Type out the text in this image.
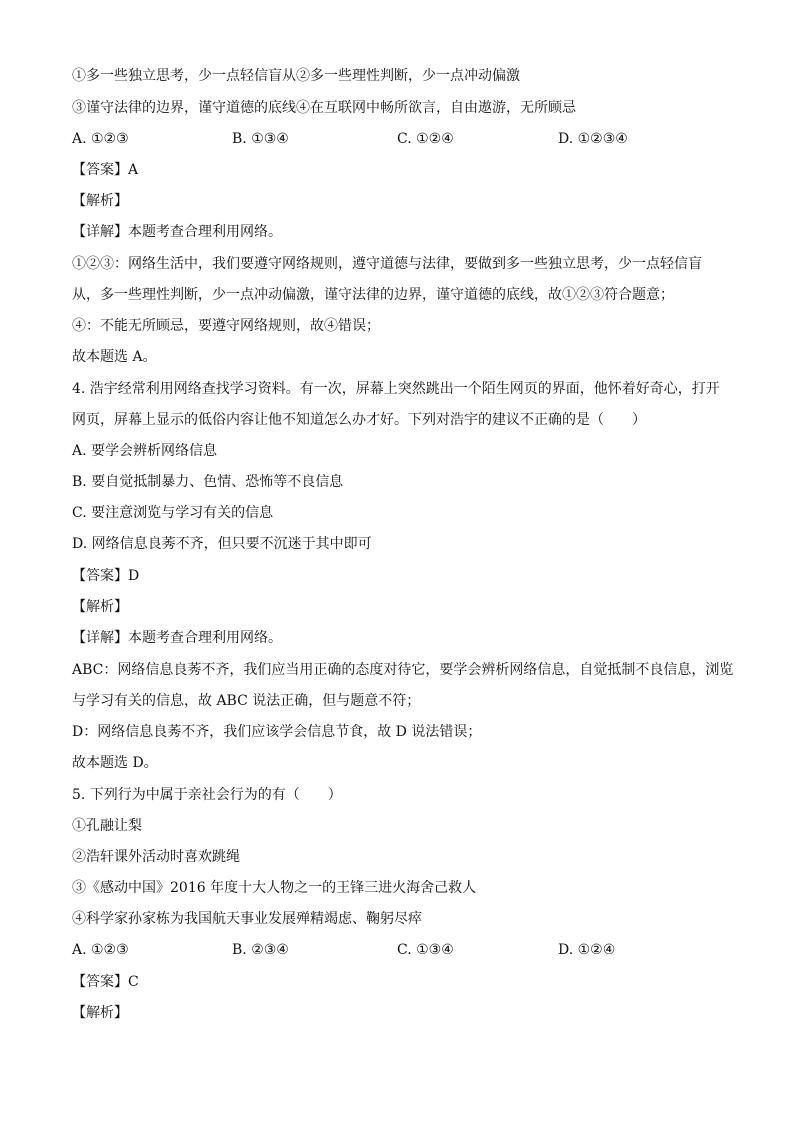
①多一些独立思考，少一点轻信盲从②多一些理性判断，少一点冲动偏激
③谨守法律的边界，谨守道德的底线④在互联网中畅所欲言，自由遨游，无所顾忌
A. ①②③	B. ①③④	C. ①②④	D. ①②③④
【答案】A
【解析】
【详解】本题考查合理利用网络。
①②③：网络生活中，我们要遵守网络规则，遵守道德与法律，要做到多一些独立思考，少一点轻信盲
从，多一些理性判断，少一点冲动偏激，谨守法律的边界，谨守道德的底线，故①②③符合题意；
④：不能无所顾忌，要遵守网络规则，故④错误；
故本题选 A。
4. 浩宇经常利用网络查找学习资料。有一次，屏幕上突然跳出一个陌生网页的界面，他怀着好奇心，打开
网页，屏幕上显示的低俗内容让他不知道怎么办才好。下列对浩宇的建议不正确的是（　　）
A. 要学会辨析网络信息
B. 要自觉抵制暴力、色情、恐怖等不良信息
C. 要注意浏览与学习有关的信息
D. 网络信息良莠不齐，但只要不沉迷于其中即可
【答案】D
【解析】
【详解】本题考查合理利用网络。
ABC：网络信息良莠不齐，我们应当用正确的态度对待它，要学会辨析网络信息，自觉抵制不良信息，浏览
与学习有关的信息，故 ABC 说法正确，但与题意不符；
D：网络信息良莠不齐，我们应该学会信息节食，故 D 说法错误；
故本题选 D。
5. 下列行为中属于亲社会行为的有（　　）
①孔融让梨
②浩轩课外活动时喜欢跳绳
③《感动中国》2016 年度十大人物之一的王锋三进火海舍己救人
④科学家孙家栋为我国航天事业发展殚精竭虑、鞠躬尽瘁
A. ①②③	B. ②③④	C. ①③④	D. ①②④
【答案】C
【解析】
